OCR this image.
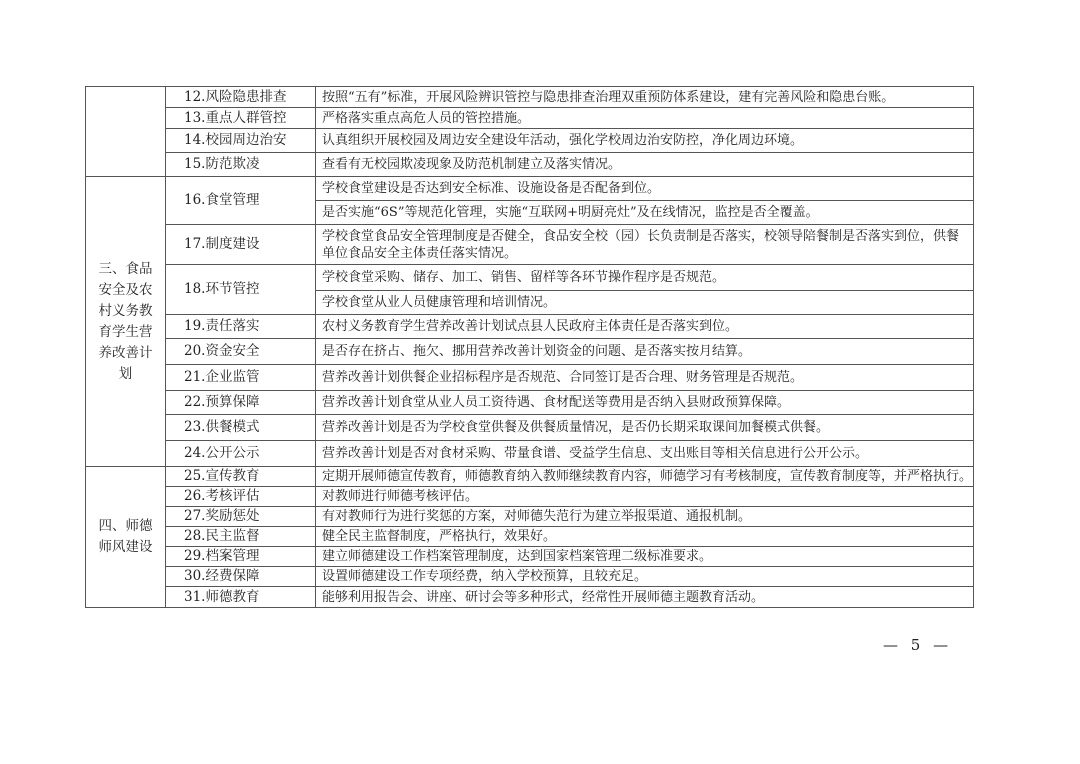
	12.风险隐患排查	按照“五有”标准，开展风险辨识管控与隐患排查治理双重预防体系建设，建有完善风险和隐患台账。
	13.重点人群管控	严格落实重点高危人员的管控措施。
	14.校园周边治安	认真组织开展校园及周边安全建设年活动，强化学校周边治安防控，净化周边环境。
	15.防范欺凌	查看有无校园欺凌现象及防范机制建立及落实情况。
三、食品安全及农村义务教育学生营养改善计划	16.食堂管理	学校食堂建设是否达到安全标准、设施设备是否配备到位。
		是否实施“6S”等规范化管理，实施“互联网+明厨亮灶”及在线情况，监控是否全覆盖。
	17.制度建设	学校食堂食品安全管理制度是否健全，食品安全校（园）长负责制是否落实，校领导陪餐制是否落实到位，供餐单位食品安全主体责任落实情况。
	18.环节管控	学校食堂采购、储存、加工、销售、留样等各环节操作程序是否规范。
		学校食堂从业人员健康管理和培训情况。
	19.责任落实	农村义务教育学生营养改善计划试点县人民政府主体责任是否落实到位。
	20.资金安全	是否存在挤占、拖欠、挪用营养改善计划资金的问题、是否落实按月结算。
	21.企业监管	营养改善计划供餐企业招标程序是否规范、合同签订是否合理、财务管理是否规范。
	22.预算保障	营养改善计划食堂从业人员工资待遇、食材配送等费用是否纳入县财政预算保障。
	23.供餐模式	营养改善计划是否为学校食堂供餐及供餐质量情况，是否仍长期采取课间加餐模式供餐。
	24.公开公示	营养改善计划是否对食材采购、带量食谱、受益学生信息、支出账目等相关信息进行公开公示。
四、师德师风建设	25.宣传教育	定期开展师德宣传教育，师德教育纳入教师继续教育内容，师德学习有考核制度，宣传教育制度等，并严格执行。
	26.考核评估	对教师进行师德考核评估。
	27.奖励惩处	有对教师行为进行奖惩的方案，对师德失范行为建立举报渠道、通报机制。
	28.民主监督	健全民主监督制度，严格执行，效果好。
	29.档案管理	建立师德建设工作档案管理制度，达到国家档案管理二级标准要求。
	30.经费保障	设置师德建设工作专项经费，纳入学校预算，且较充足。
	31.师德教育	能够利用报告会、讲座、研讨会等多种形式，经常性开展师德主题教育活动。
— 5 —
